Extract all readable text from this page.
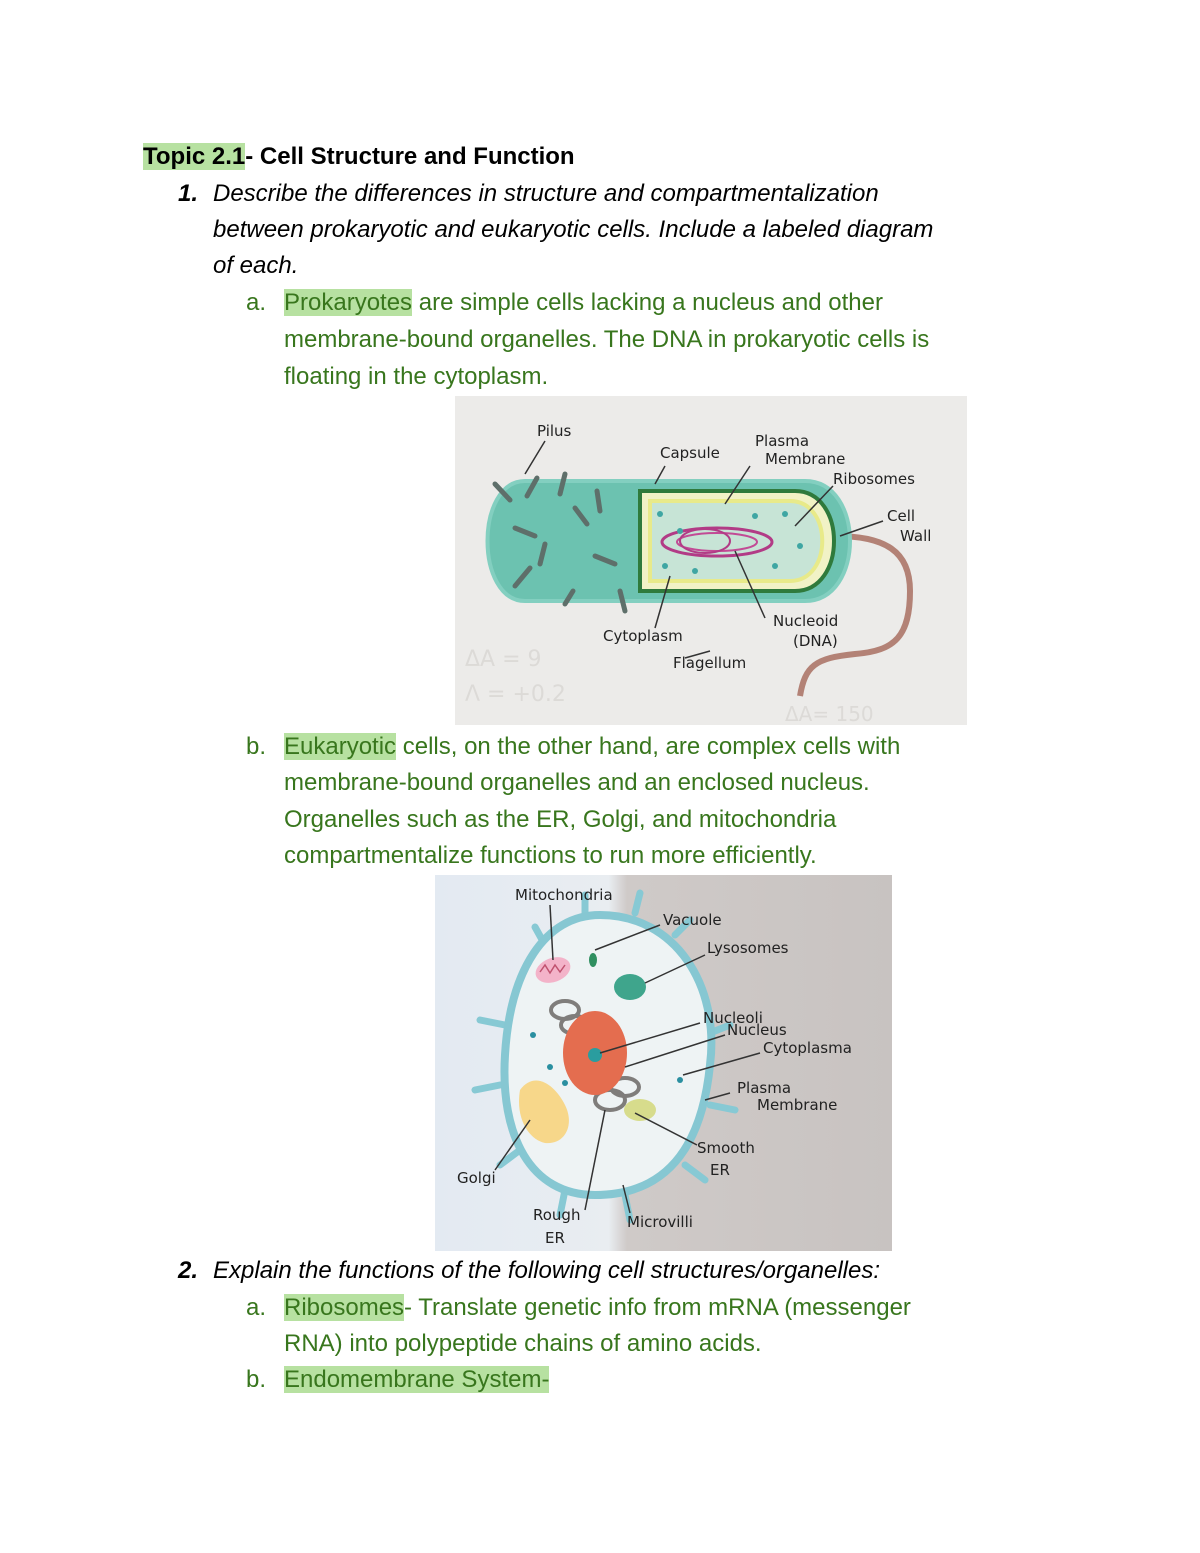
Topic 2.1- Cell Structure and Function
1. Describe the differences in structure and compartmentalization
between prokaryotic and eukaryotic cells. Include a labeled diagram
of each.
a. Prokaryotes are simple cells lacking a nucleus and other
membrane-bound organelles. The DNA in prokaryotic cells is
floating in the cytoplasm.
ΔA = 9
Λ = +0.2
ΔA= 150
Pilus
Capsule
Plasma
Membrane
Ribosomes
Cell
Wall
Cytoplasm
Nucleoid
(DNA)
Flagellum
b. Eukaryotic cells, on the other hand, are complex cells with
membrane-bound organelles and an enclosed nucleus.
Organelles such as the ER, Golgi, and mitochondria
compartmentalize functions to run more efficiently.
Mitochondria
Vacuole
Lysosomes
Nucleoli
Nucleus
Cytoplasma
Plasma
Membrane
Smooth
ER
Golgi
Rough
ER
Microvilli
2. Explain the functions of the following cell structures/organelles:
a. Ribosomes- Translate genetic info from mRNA (messenger
RNA) into polypeptide chains of amino acids.
b. Endomembrane System-
